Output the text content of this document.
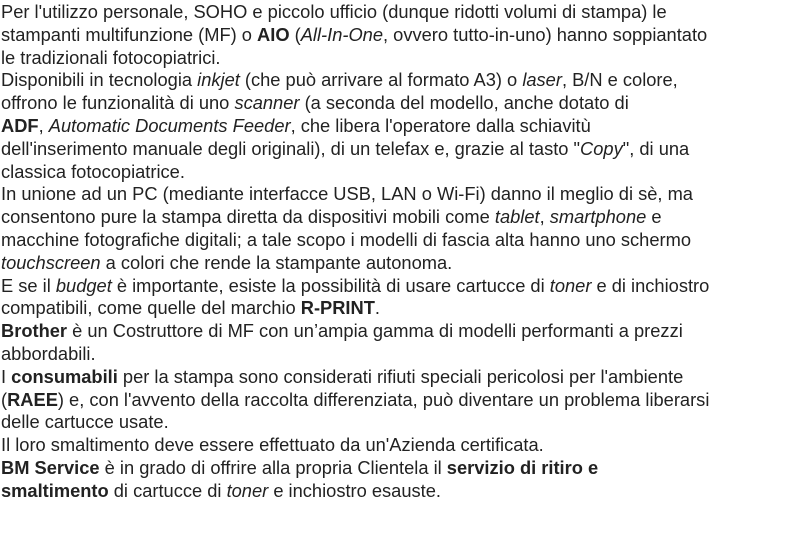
Per l'utilizzo personale, SOHO e piccolo ufficio (dunque ridotti volumi di stampa) le
stampanti multifunzione (MF) o AIO (All-In-One, ovvero tutto-in-uno) hanno soppiantato
le tradizionali fotocopiatrici.
Disponibili in tecnologia inkjet (che può arrivare al formato A3) o laser, B/N e colore,
offrono le funzionalità di uno scanner (a seconda del modello, anche dotato di
ADF, Automatic Documents Feeder, che libera l'operatore dalla schiavitù
dell'inserimento manuale degli originali), di un telefax e, grazie al tasto "Copy", di una
classica fotocopiatrice.
In unione ad un PC (mediante interfacce USB, LAN o Wi-Fi) danno il meglio di sè, ma
consentono pure la stampa diretta da dispositivi mobili come tablet, smartphone e
macchine fotografiche digitali; a tale scopo i modelli di fascia alta hanno uno schermo
touchscreen a colori che rende la stampante autonoma.
E se il budget è importante, esiste la possibilità di usare cartucce di toner e di inchiostro
compatibili, come quelle del marchio R-PRINT.
Brother è un Costruttore di MF con un’ampia gamma di modelli performanti a prezzi
abbordabili.
I consumabili per la stampa sono considerati rifiuti speciali pericolosi per l'ambiente
(RAEE) e, con l'avvento della raccolta differenziata, può diventare un problema liberarsi
delle cartucce usate.
Il loro smaltimento deve essere effettuato da un'Azienda certificata.
BM Service è in grado di offrire alla propria Clientela il servizio di ritiro e
smaltimento di cartucce di toner e inchiostro esauste.
